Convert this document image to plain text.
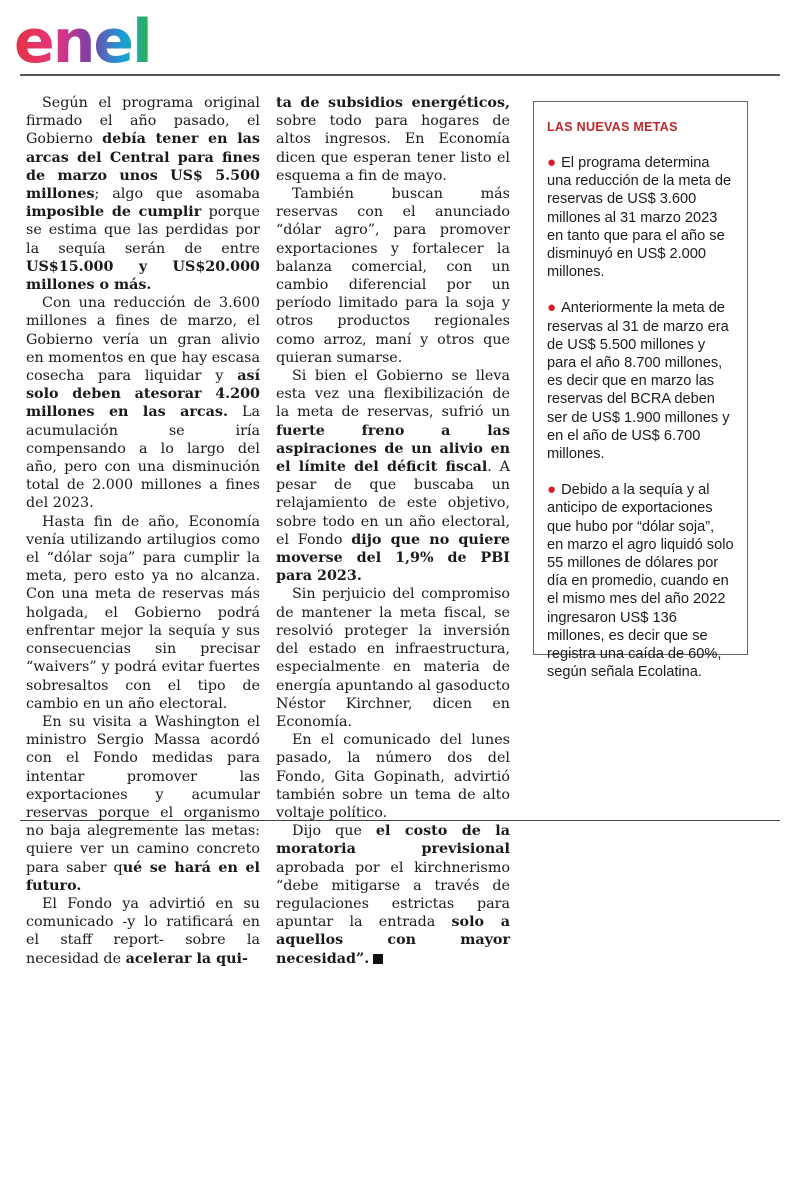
enel

Según el programa original firmado el año pasado, el Gobierno debía tener en las arcas del Central para fines de marzo unos US$ 5.500 millones; algo que asomaba imposible de cumplir porque se estima que las perdidas por la sequía serán de entre US$15.000 y US$20.000 millones o más.

Con una reducción de 3.600 millones a fines de marzo, el Gobierno vería un gran alivio en momentos en que hay escasa cosecha para liquidar y así solo deben atesorar 4.200 millones en las arcas. La acumulación se iría compensando a lo largo del año, pero con una disminución total de 2.000 millones a fines del 2023.

Hasta fin de año, Economía venía utilizando artilugios como el “dólar soja” para cumplir la meta, pero esto ya no alcanza. Con una meta de reservas más holgada, el Gobierno podrá enfrentar mejor la sequía y sus consecuencias sin precisar “waivers” y podrá evitar fuertes sobresaltos con el tipo de cambio en un año electoral.

En su visita a Washington el ministro Sergio Massa acordó con el Fondo medidas para intentar promover las exportaciones y acumular reservas porque el organismo no baja alegremente las metas: quiere ver un camino concreto para saber qué se hará en el futuro.

El Fondo ya advirtió en su comunicado -y lo ratificará en el staff report- sobre la necesidad de acelerar la qui-

ta de subsidios energéticos, sobre todo para hogares de altos ingresos. En Economía dicen que esperan tener listo el esquema a fin de mayo.

También buscan más reservas con el anunciado “dólar agro”, para promover exportaciones y fortalecer la balanza comercial, con un cambio diferencial por un período limitado para la soja y otros productos regionales como arroz, maní y otros que quieran sumarse.

Si bien el Gobierno se lleva esta vez una flexibilización de la meta de reservas, sufrió un fuerte freno a las aspiraciones de un alivio en el límite del déficit fiscal. A pesar de que buscaba un relajamiento de este objetivo, sobre todo en un año electoral, el Fondo dijo que no quiere moverse del 1,9% de PBI para 2023.

Sin perjuicio del compromiso de mantener la meta fiscal, se resolvió proteger la inversión del estado en infraestructura, especialmente en materia de energía apuntando al gasoducto Néstor Kirchner, dicen en Economía.

En el comunicado del lunes pasado, la número dos del Fondo, Gita Gopinath, advirtió también sobre un tema de alto voltaje político.

Dijo que el costo de la moratoria previsional aprobada por el kirchnerismo “debe mitigarse a través de regulaciones estrictas para apuntar la entrada solo a aquellos con mayor necesidad”.

LAS NUEVAS METAS
● El programa determina una reducción de la meta de reservas de US$ 3.600 millones al 31 marzo 2023 en tanto que para el año se disminuyó en US$ 2.000 millones.
● Anteriormente la meta de reservas al 31 de marzo era de US$ 5.500 millones y para el año 8.700 millones, es decir que en marzo las reservas del BCRA deben ser de US$ 1.900 millones y en el año de US$ 6.700 millones.
● Debido a la sequía y al anticipo de exportaciones que hubo por “dólar soja”, en marzo el agro liquidó solo 55 millones de dólares por día en promedio, cuando en el mismo mes del año 2022 ingresaron US$ 136 millones, es decir que se registra una caída de 60%, según señala Ecolatina.
